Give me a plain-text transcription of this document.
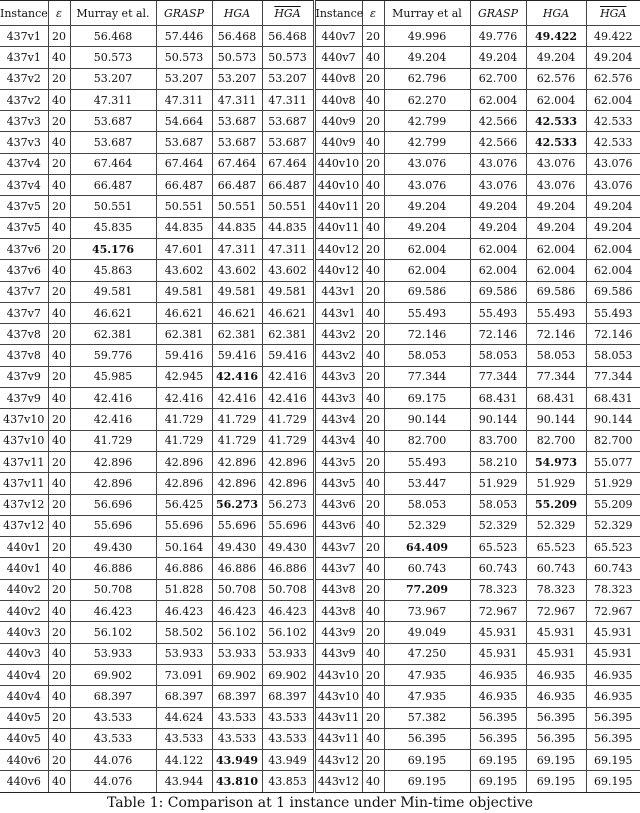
Instance	ε	Murray et al.	GRASP	HGA	$\overline{HGA}$	Instance	ε	Murray et al	GRASP	HGA	$\overline{HGA}$
437v1	20	56.468	57.446	56.468	56.468	440v7	20	49.996	49.776	49.422	49.422
437v1	40	50.573	50.573	50.573	50.573	440v7	40	49.204	49.204	49.204	49.204
437v2	20	53.207	53.207	53.207	53.207	440v8	20	62.796	62.700	62.576	62.576
437v2	40	47.311	47.311	47.311	47.311	440v8	40	62.270	62.004	62.004	62.004
437v3	20	53.687	54.664	53.687	53.687	440v9	20	42.799	42.566	42.533	42.533
437v3	40	53.687	53.687	53.687	53.687	440v9	40	42.799	42.566	42.533	42.533
437v4	20	67.464	67.464	67.464	67.464	440v10	20	43.076	43.076	43.076	43.076
437v4	40	66.487	66.487	66.487	66.487	440v10	40	43.076	43.076	43.076	43.076
437v5	20	50.551	50.551	50.551	50.551	440v11	20	49.204	49.204	49.204	49.204
437v5	40	45.835	44.835	44.835	44.835	440v11	40	49.204	49.204	49.204	49.204
437v6	20	45.176	47.601	47.311	47.311	440v12	20	62.004	62.004	62.004	62.004
437v6	40	45.863	43.602	43.602	43.602	440v12	40	62.004	62.004	62.004	62.004
437v7	20	49.581	49.581	49.581	49.581	443v1	20	69.586	69.586	69.586	69.586
437v7	40	46.621	46.621	46.621	46.621	443v1	40	55.493	55.493	55.493	55.493
437v8	20	62.381	62.381	62.381	62.381	443v2	20	72.146	72.146	72.146	72.146
437v8	40	59.776	59.416	59.416	59.416	443v2	40	58.053	58.053	58.053	58.053
437v9	20	45.985	42.945	42.416	42.416	443v3	20	77.344	77.344	77.344	77.344
437v9	40	42.416	42.416	42.416	42.416	443v3	40	69.175	68.431	68.431	68.431
437v10	20	42.416	41.729	41.729	41.729	443v4	20	90.144	90.144	90.144	90.144
437v10	40	41.729	41.729	41.729	41.729	443v4	40	82.700	83.700	82.700	82.700
437v11	20	42.896	42.896	42.896	42.896	443v5	20	55.493	58.210	54.973	55.077
437v11	40	42.896	42.896	42.896	42.896	443v5	40	53.447	51.929	51.929	51.929
437v12	20	56.696	56.425	56.273	56.273	443v6	20	58.053	58.053	55.209	55.209
437v12	40	55.696	55.696	55.696	55.696	443v6	40	52.329	52.329	52.329	52.329
440v1	20	49.430	50.164	49.430	49.430	443v7	20	64.409	65.523	65.523	65.523
440v1	40	46.886	46.886	46.886	46.886	443v7	40	60.743	60.743	60.743	60.743
440v2	20	50.708	51.828	50.708	50.708	443v8	20	77.209	78.323	78.323	78.323
440v2	40	46.423	46.423	46.423	46.423	443v8	40	73.967	72.967	72.967	72.967
440v3	20	56.102	58.502	56.102	56.102	443v9	20	49.049	45.931	45.931	45.931
440v3	40	53.933	53.933	53.933	53.933	443v9	40	47.250	45.931	45.931	45.931
440v4	20	69.902	73.091	69.902	69.902	443v10	20	47.935	46.935	46.935	46.935
440v4	40	68.397	68.397	68.397	68.397	443v10	40	47.935	46.935	46.935	46.935
440v5	20	43.533	44.624	43.533	43.533	443v11	20	57.382	56.395	56.395	56.395
440v5	40	43.533	43.533	43.533	43.533	443v11	40	56.395	56.395	56.395	56.395
440v6	20	44.076	44.122	43.949	43.949	443v12	20	69.195	69.195	69.195	69.195
440v6	40	44.076	43.944	43.810	43.853	443v12	40	69.195	69.195	69.195	69.195
Table 1: Comparison at 1 instance under Min-time objective
